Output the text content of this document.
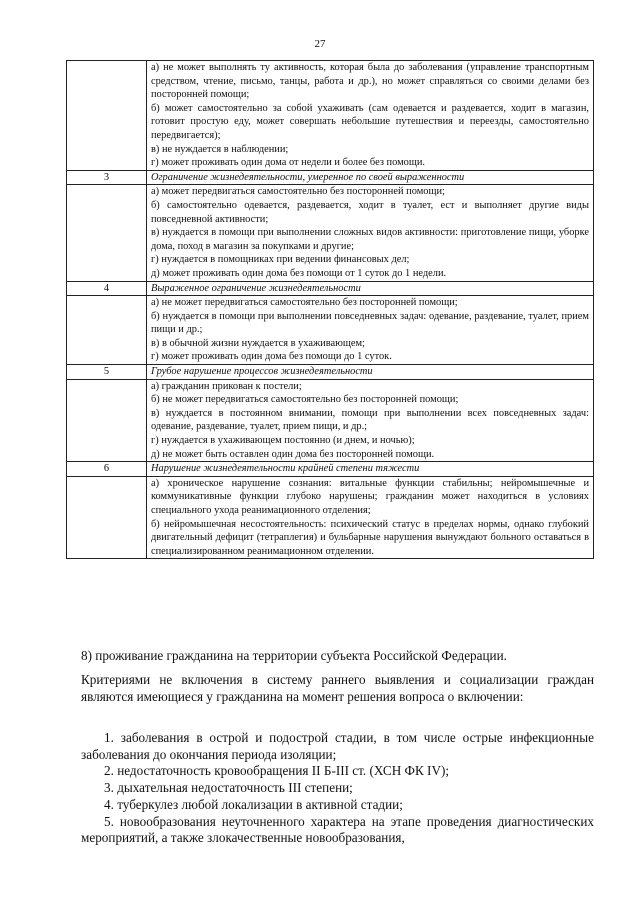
27

	а) не может выполнять ту активность, которая была до заболевания (управление транспортным средством, чтение, письмо, танцы, работа и др.), но может справляться со своими делами без посторонней помощи;

б) может самостоятельно за собой ухаживать (сам одевается и раздевается, ходит в магазин, готовит простую еду, может совершать небольшие путешествия и переезды, самостоятельно передвигается);

в) не нуждается в наблюдении;

г) может проживать один дома от недели и более без помощи.

3	Ограничение жизнедеятельности, умеренное по своей выраженности

	а) может передвигаться самостоятельно без посторонней помощи;

б) самостоятельно одевается, раздевается, ходит в туалет, ест и выполняет другие виды повседневной активности;

в) нуждается в помощи при выполнении сложных видов активности: приготовление пищи, уборке дома, поход в магазин за покупками и другие;

г) нуждается в помощниках при ведении финансовых дел;

д) может проживать один дома без помощи от 1 суток до 1 недели.

4	Выраженное ограничение жизнедеятельности

	а) не может передвигаться самостоятельно без посторонней помощи;

б) нуждается в помощи при выполнении повседневных задач: одевание, раздевание, туалет, прием пищи и др.;

в) в обычной жизни нуждается в ухаживающем;

г) может проживать один дома без помощи до 1 суток.

5	Грубое нарушение процессов жизнедеятельности

	а) гражданин прикован к постели;

б) не может передвигаться самостоятельно без посторонней помощи;

в) нуждается в постоянном внимании, помощи при выполнении всех повседневных задач: одевание, раздевание, туалет, прием пищи, и др.;

г) нуждается в ухаживающем постоянно (и днем, и ночью);

д) не может быть оставлен один дома без посторонней помощи.

6	Нарушение жизнедеятельности крайней степени тяжести

	а) хроническое нарушение сознания: витальные функции стабильны; нейромышечные и коммуникативные функции глубоко нарушены; гражданин может находиться в условиях специального ухода реанимационного отделения;

б) нейромышечная несостоятельность: психический статус в пределах нормы, однако глубокий двигательный дефицит (тетраплегия) и бульбарные нарушения вынуждают больного оставаться в специализированном реанимационном отделении.

8) проживание гражданина на территории субъекта Российской Федерации.

Критериями не включения в систему раннего выявления и социализации граждан являются имеющиеся у гражданина на момент решения вопроса о включении:

1. заболевания в острой и подострой стадии, в том числе острые инфекционные заболевания до окончания периода изоляции;

2. недостаточность кровообращения II Б-III ст. (ХСН ФК IV);

3. дыхательная недостаточность III степени;

4. туберкулез любой локализации в активной стадии;

5. новообразования неуточненного характера на этапе проведения диагностических мероприятий, а также злокачественные новообразования,
